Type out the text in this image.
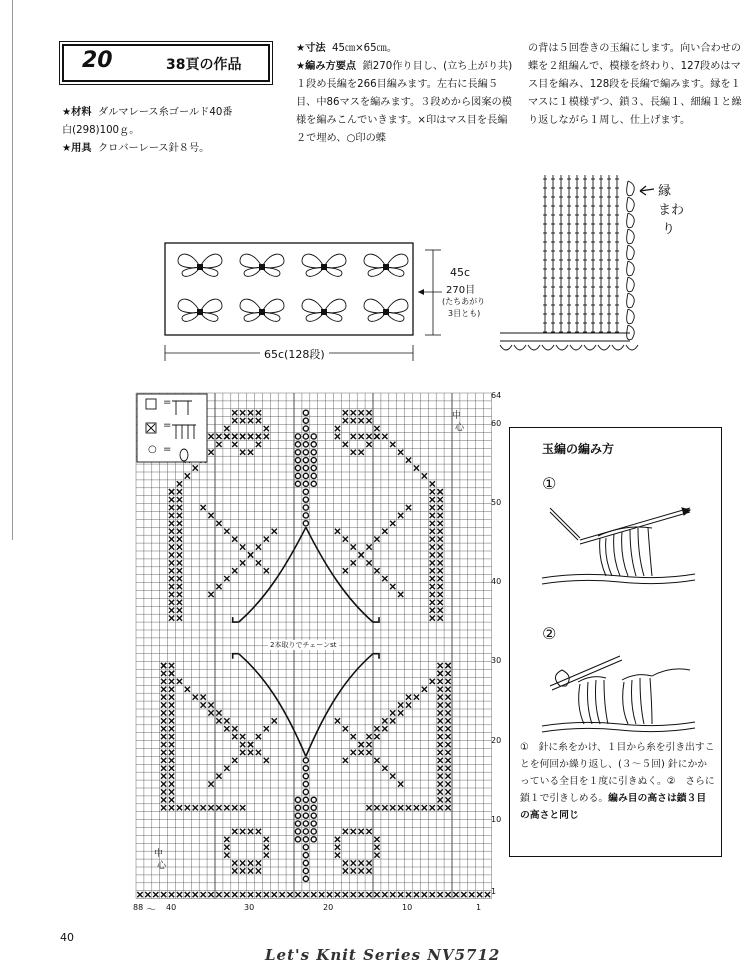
20	38頁の作品
★材料 ダルマレース糸ゴールド40番
白(298)100ｇ。
★用具 クロバーレース針８号。
★寸法 45㎝×65㎝。
★編み方要点 鎖270作り目し、(立ち上がり共)１段め長編を266目編みます。左右に長編５目、中86マスを編みます。３段めから図案の模様を編みこんでいきます。×印はマス目を長編２で埋め、○印の蝶
の背は５回巻きの玉編にします。向い合わせの蝶を２組編んで、模様を終わり、127段めはマス目を編み、128段を長編で編みます。縁を１マスに１模様ずつ、鎖３、長編１、細編１と繰り返しながら１周し、仕上げます。
45c
270目
(たちあがり
3目とも)
65c(128段)
縁
まわ
り
64
60
50
40
30
20
10
1
88 〜 40	30	20	10	1
中
心
中
心
2本取りでチェーンst
=
=
○ =	玉編の編み方
①
②
①　針に糸をかけ、１目から糸を引き出すことを何回か繰り返し、(３〜５回) 針にかかっている全目を１度に引きぬく。②　さらに鎖１で引きしめる。編み目の高さは鎖３目の高さと同じ
40
Let's Knit Series NV5712
